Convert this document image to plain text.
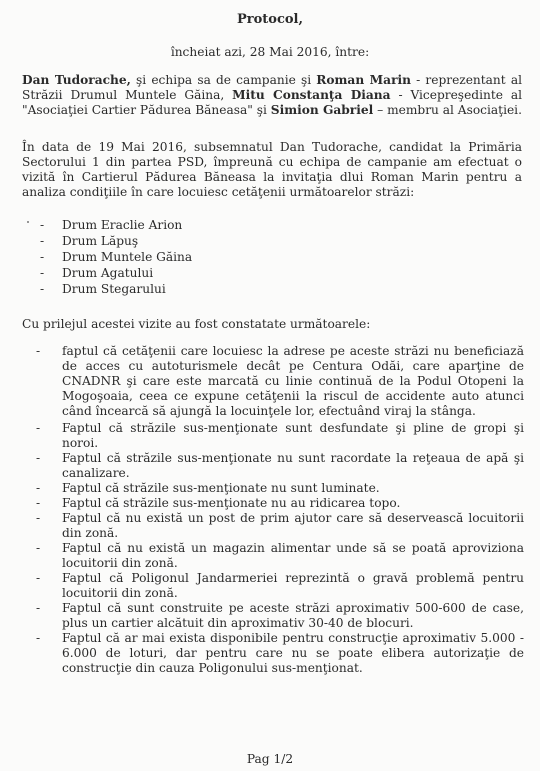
Protocol,
încheiat azi, 28 Mai 2016, între:
Dan Tudorache, şi echipa sa de campanie şi Roman Marin - reprezentant al Străzii Drumul Muntele Găina, Mitu Constanţa Diana - Vicepreşedinte al "Asociaţiei Cartier Pădurea Băneasa" şi Simion Gabriel – membru al Asociaţiei.
În data de 19 Mai 2016, subsemnatul Dan Tudorache, candidat la Primăria Sectorului 1 din partea PSD, împreună cu echipa de campanie am efectuat o vizită în Cartierul Pădurea Băneasa la invitaţia dlui Roman Marin pentru a analiza condiţiile în care locuiesc cetăţenii următoarelor străzi:
- Drum Eraclie Arion
- Drum Lăpuş
- Drum Muntele Găina
- Drum Agatului
- Drum Stegarului
Cu prilejul acestei vizite au fost constatate următoarele:
- faptul că cetăţenii care locuiesc la adrese pe aceste străzi nu beneficiază de acces cu autoturismele decât pe Centura Odăi, care aparţine de CNADNR şi care este marcată cu linie continuă de la Podul Otopeni la Mogoşoaia, ceea ce expune cetăţenii la riscul de accidente auto atunci când încearcă să ajungă la locuinţele lor, efectuând viraj la stânga.
- Faptul că străzile sus-menţionate sunt desfundate şi pline de gropi şi noroi.
- Faptul că străzile sus-menţionate nu sunt racordate la reţeaua de apă şi canalizare.
- Faptul că străzile sus-menţionate nu sunt luminate.
- Faptul că străzile sus-menţionate nu au ridicarea topo.
- Faptul că nu există un post de prim ajutor care să deservească locuitorii din zonă.
- Faptul că nu există un magazin alimentar unde să se poată aproviziona locuitorii din zonă.
- Faptul că Poligonul Jandarmeriei reprezintă o gravă problemă pentru locuitorii din zonă.
- Faptul că sunt construite pe aceste străzi aproximativ 500-600 de case, plus un cartier alcătuit din aproximativ 30-40 de blocuri.
- Faptul că ar mai exista disponibile pentru construcţie aproximativ 5.000 - 6.000 de loturi, dar pentru care nu se poate elibera autorizaţie de construcţie din cauza Poligonului sus-menţionat.
Pag 1/2
